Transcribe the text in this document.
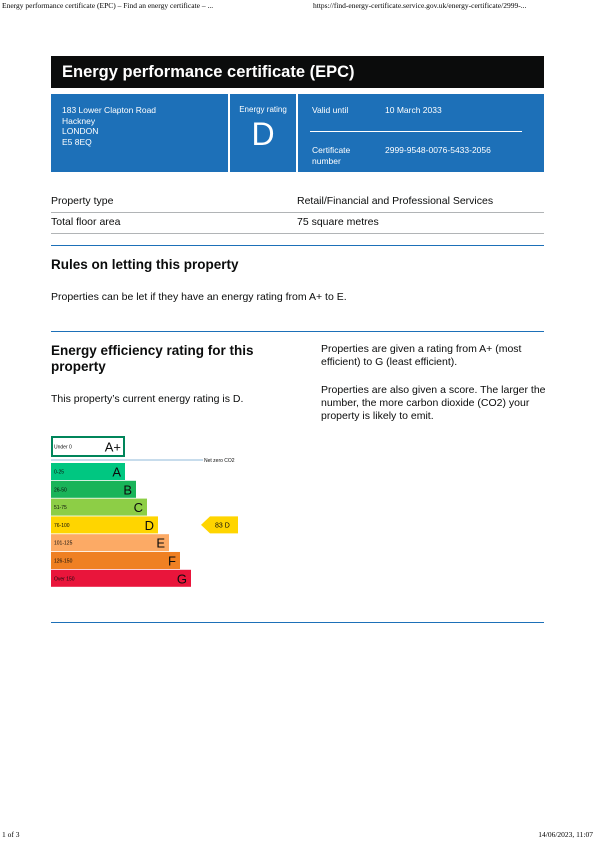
Energy performance certificate (EPC) – Find an energy certificate – ...	https://find-energy-certificate.service.gov.uk/energy-certificate/2999-...
Energy performance certificate (EPC)
183 Lower Clapton Road
Hackney
LONDON
E5 8EQ
Energy rating
D
Valid until	10 March 2033
Certificate number
2999-9548-0076-5433-2056
Property type	Retail/Financial and Professional Services
Total floor area	75 square metres
Rules on letting this property
Properties can be let if they have an energy rating from A+ to E.
Energy efficiency rating for this property
This property’s current energy rating is D.
Properties are given a rating from A+ (most efficient) to G (least efficient).
Properties are also given a score. The larger the number, the more carbon dioxide (CO2) your property is likely to emit.
Under 0	A+
0-25	A
26-50	B
51-75	C
76-100	D
101-125	E
126-150	F
Over 150	G
Net zero CO2
83 D
1 of 3	14/06/2023, 11:07
